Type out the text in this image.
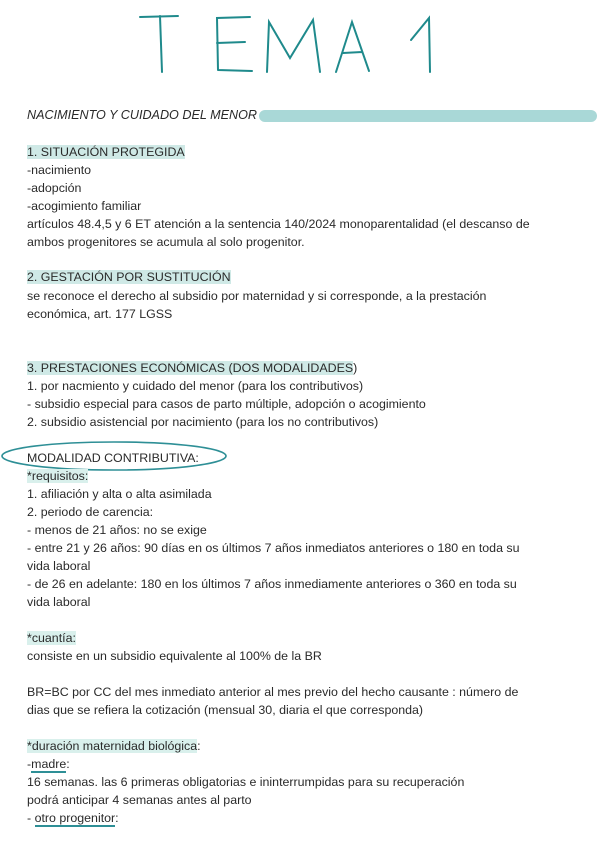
TEMA 1
NACIMIENTO Y CUIDADO DEL MENOR
1. SITUACIÓN PROTEGIDA
-nacimiento
-adopción
-acogimiento familiar
artículos 48.4,5 y 6 ET atención a la sentencia 140/2024 monoparentalidad (el descanso de
ambos progenitores se acumula al solo progenitor.
2. GESTACIÓN POR SUSTITUCIÓN
se reconoce el derecho al subsidio por maternidad y si corresponde, a la prestación
económica, art. 177 LGSS
3. PRESTACIONES ECONÓMICAS (DOS MODALIDADES)
1. por nacmiento y cuidado del menor (para los contributivos)
- subsidio especial para casos de parto múltiple, adopción o acogimiento
2. subsidio asistencial por nacimiento (para los no contributivos)
MODALIDAD CONTRIBUTIVA:
*requisitos:
1. afiliación y alta o alta asimilada
2. periodo de carencia:
- menos de 21 años: no se exige
- entre 21 y 26 años: 90 días en os últimos 7 años inmediatos anteriores o 180 en toda su
vida laboral
- de 26 en adelante: 180 en los últimos 7 años inmediamente anteriores o 360 en toda su
vida laboral
*cuantía:
consiste en un subsidio equivalente al 100% de la BR
BR=BC por CC del mes inmediato anterior al mes previo del hecho causante : número de
dias que se refiera la cotización (mensual 30, diaria el que corresponda)
*duración maternidad biológica:
-madre:
16 semanas. las 6 primeras obligatorias e ininterrumpidas para su recuperación
podrá anticipar 4 semanas antes al parto
- otro progenitor:
